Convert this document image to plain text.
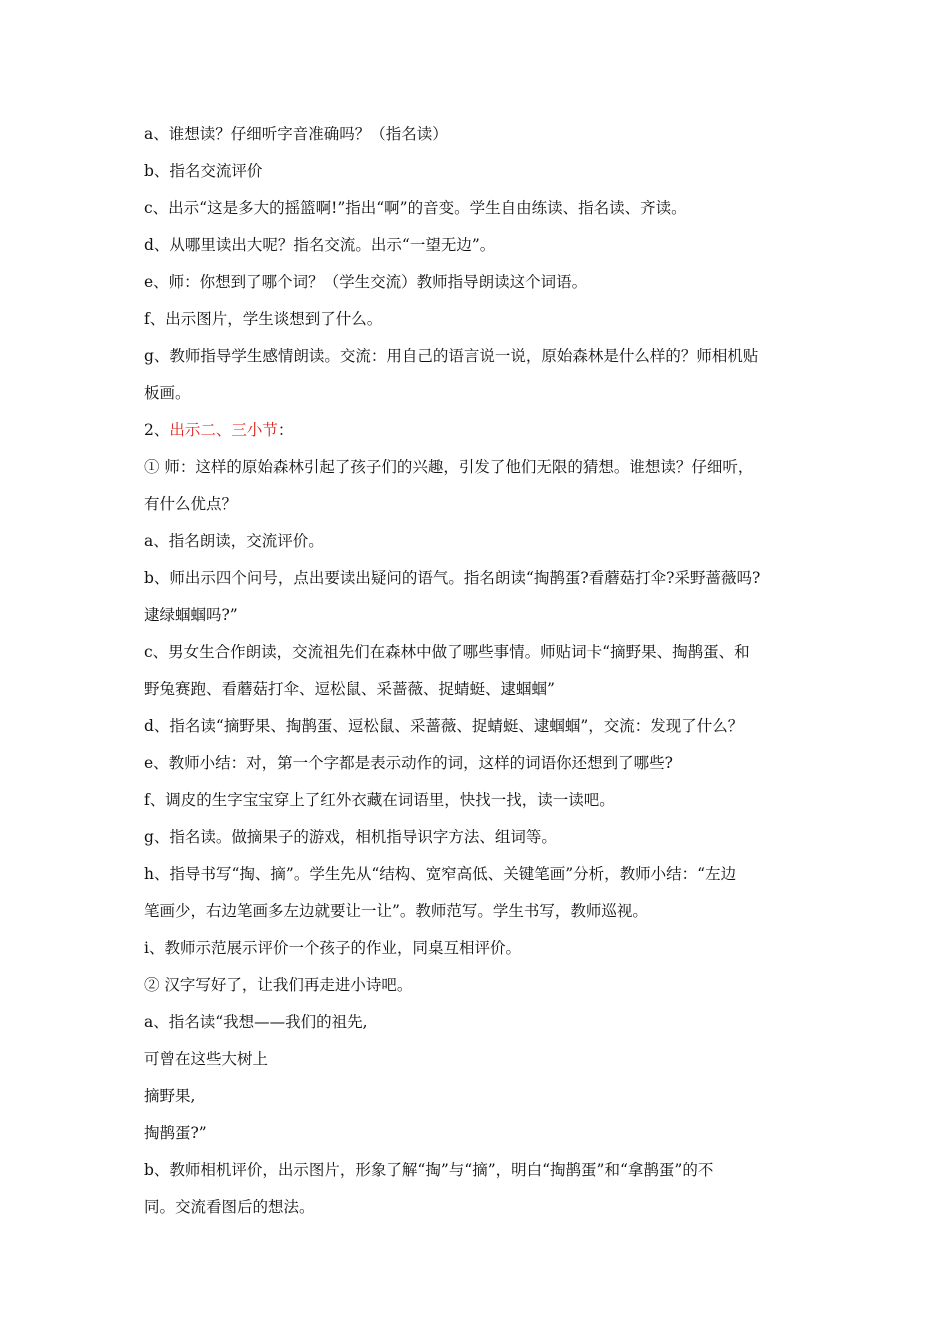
a、谁想读？仔细听字音准确吗？（指名读）
b、指名交流评价
c、出示“这是多大的摇篮啊!”指出“啊”的音变。学生自由练读、指名读、齐读。
d、从哪里读出大呢？指名交流。出示“一望无边”。
e、师：你想到了哪个词？（学生交流）教师指导朗读这个词语。
f、出示图片，学生谈想到了什么。
g、教师指导学生感情朗读。交流：用自己的语言说一说，原始森林是什么样的？师相机贴
板画。
2、出示二、三小节：
① 师：这样的原始森林引起了孩子们的兴趣，引发了他们无限的猜想。谁想读？仔细听，
有什么优点？
a、指名朗读，交流评价。
b、师出示四个问号，点出要读出疑问的语气。指名朗读“掏鹊蛋?看蘑菇打伞?采野蔷薇吗?
逮绿蝈蝈吗?”
c、男女生合作朗读，交流祖先们在森林中做了哪些事情。师贴词卡“摘野果、掏鹊蛋、和
野兔赛跑、看蘑菇打伞、逗松鼠、采蔷薇、捉蜻蜓、逮蝈蝈”
d、指名读“摘野果、掏鹊蛋、逗松鼠、采蔷薇、捉蜻蜓、逮蝈蝈”，交流：发现了什么？
e、教师小结：对，第一个字都是表示动作的词，这样的词语你还想到了哪些?
f、调皮的生字宝宝穿上了红外衣藏在词语里，快找一找，读一读吧。
g、指名读。做摘果子的游戏，相机指导识字方法、组词等。
h、指导书写“掏、摘”。学生先从“结构、宽窄高低、关键笔画”分析，教师小结：“左边
笔画少，右边笔画多左边就要让一让”。教师范写。学生书写，教师巡视。
i、教师示范展示评价一个孩子的作业，同桌互相评价。
② 汉字写好了，让我们再走进小诗吧。
a、指名读“我想——我们的祖先,
可曾在这些大树上
摘野果,
掏鹊蛋?”
b、教师相机评价，出示图片，形象了解“掏”与“摘”，明白“掏鹊蛋”和“拿鹊蛋”的不
同。交流看图后的想法。
